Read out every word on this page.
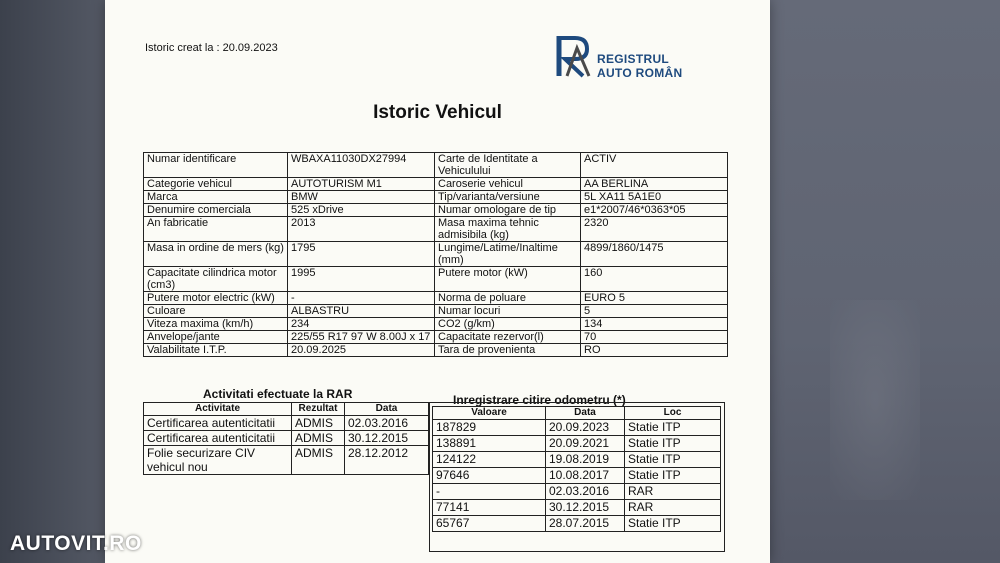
Istoric creat la : 20.09.2023
REGISTRUL
AUTO ROMÂN
Istoric Vehicul
Numar identificare	WBAXA11030DX27994	Carte de Identitate a Vehiculului	ACTIV
Categorie vehicul	AUTOTURISM M1	Caroserie vehicul	AA BERLINA
Marca	BMW	Tip/varianta/versiune	5L XA11 5A1E0
Denumire comerciala	525 xDrive	Numar omologare de tip	e1*2007/46*0363*05
An fabricatie	2013	Masa maxima tehnic admisibila (kg)	2320
Masa in ordine de mers (kg)	1795	Lungime/Latime/Inaltime (mm)	4899/1860/1475
Capacitate cilindrica motor (cm3)	1995	Putere motor (kW)	160
Putere motor electric (kW)	-	Norma de poluare	EURO 5
Culoare	ALBASTRU	Numar locuri	5
Viteza maxima (km/h)	234	CO2 (g/km)	134
Anvelope/jante	225/55 R17 97 W 8.00J x 17	Capacitate rezervor(l)	70
Valabilitate I.T.P.	20.09.2025	Tara de provenienta	RO
Activitati efectuate la RAR
Activitate	Rezultat	Data
Certificarea autenticitatii	ADMIS	02.03.2016
Certificarea autenticitatii	ADMIS	30.12.2015
Folie securizare CIV vehicul nou	ADMIS	28.12.2012
Inregistrare citire odometru (*)
Valoare	Data	Loc
187829	20.09.2023	Statie ITP
138891	20.09.2021	Statie ITP
124122	19.08.2019	Statie ITP
97646	10.08.2017	Statie ITP
-	02.03.2016	RAR
77141	30.12.2015	RAR
65767	28.07.2015	Statie ITP
AUTOVIT.RO
